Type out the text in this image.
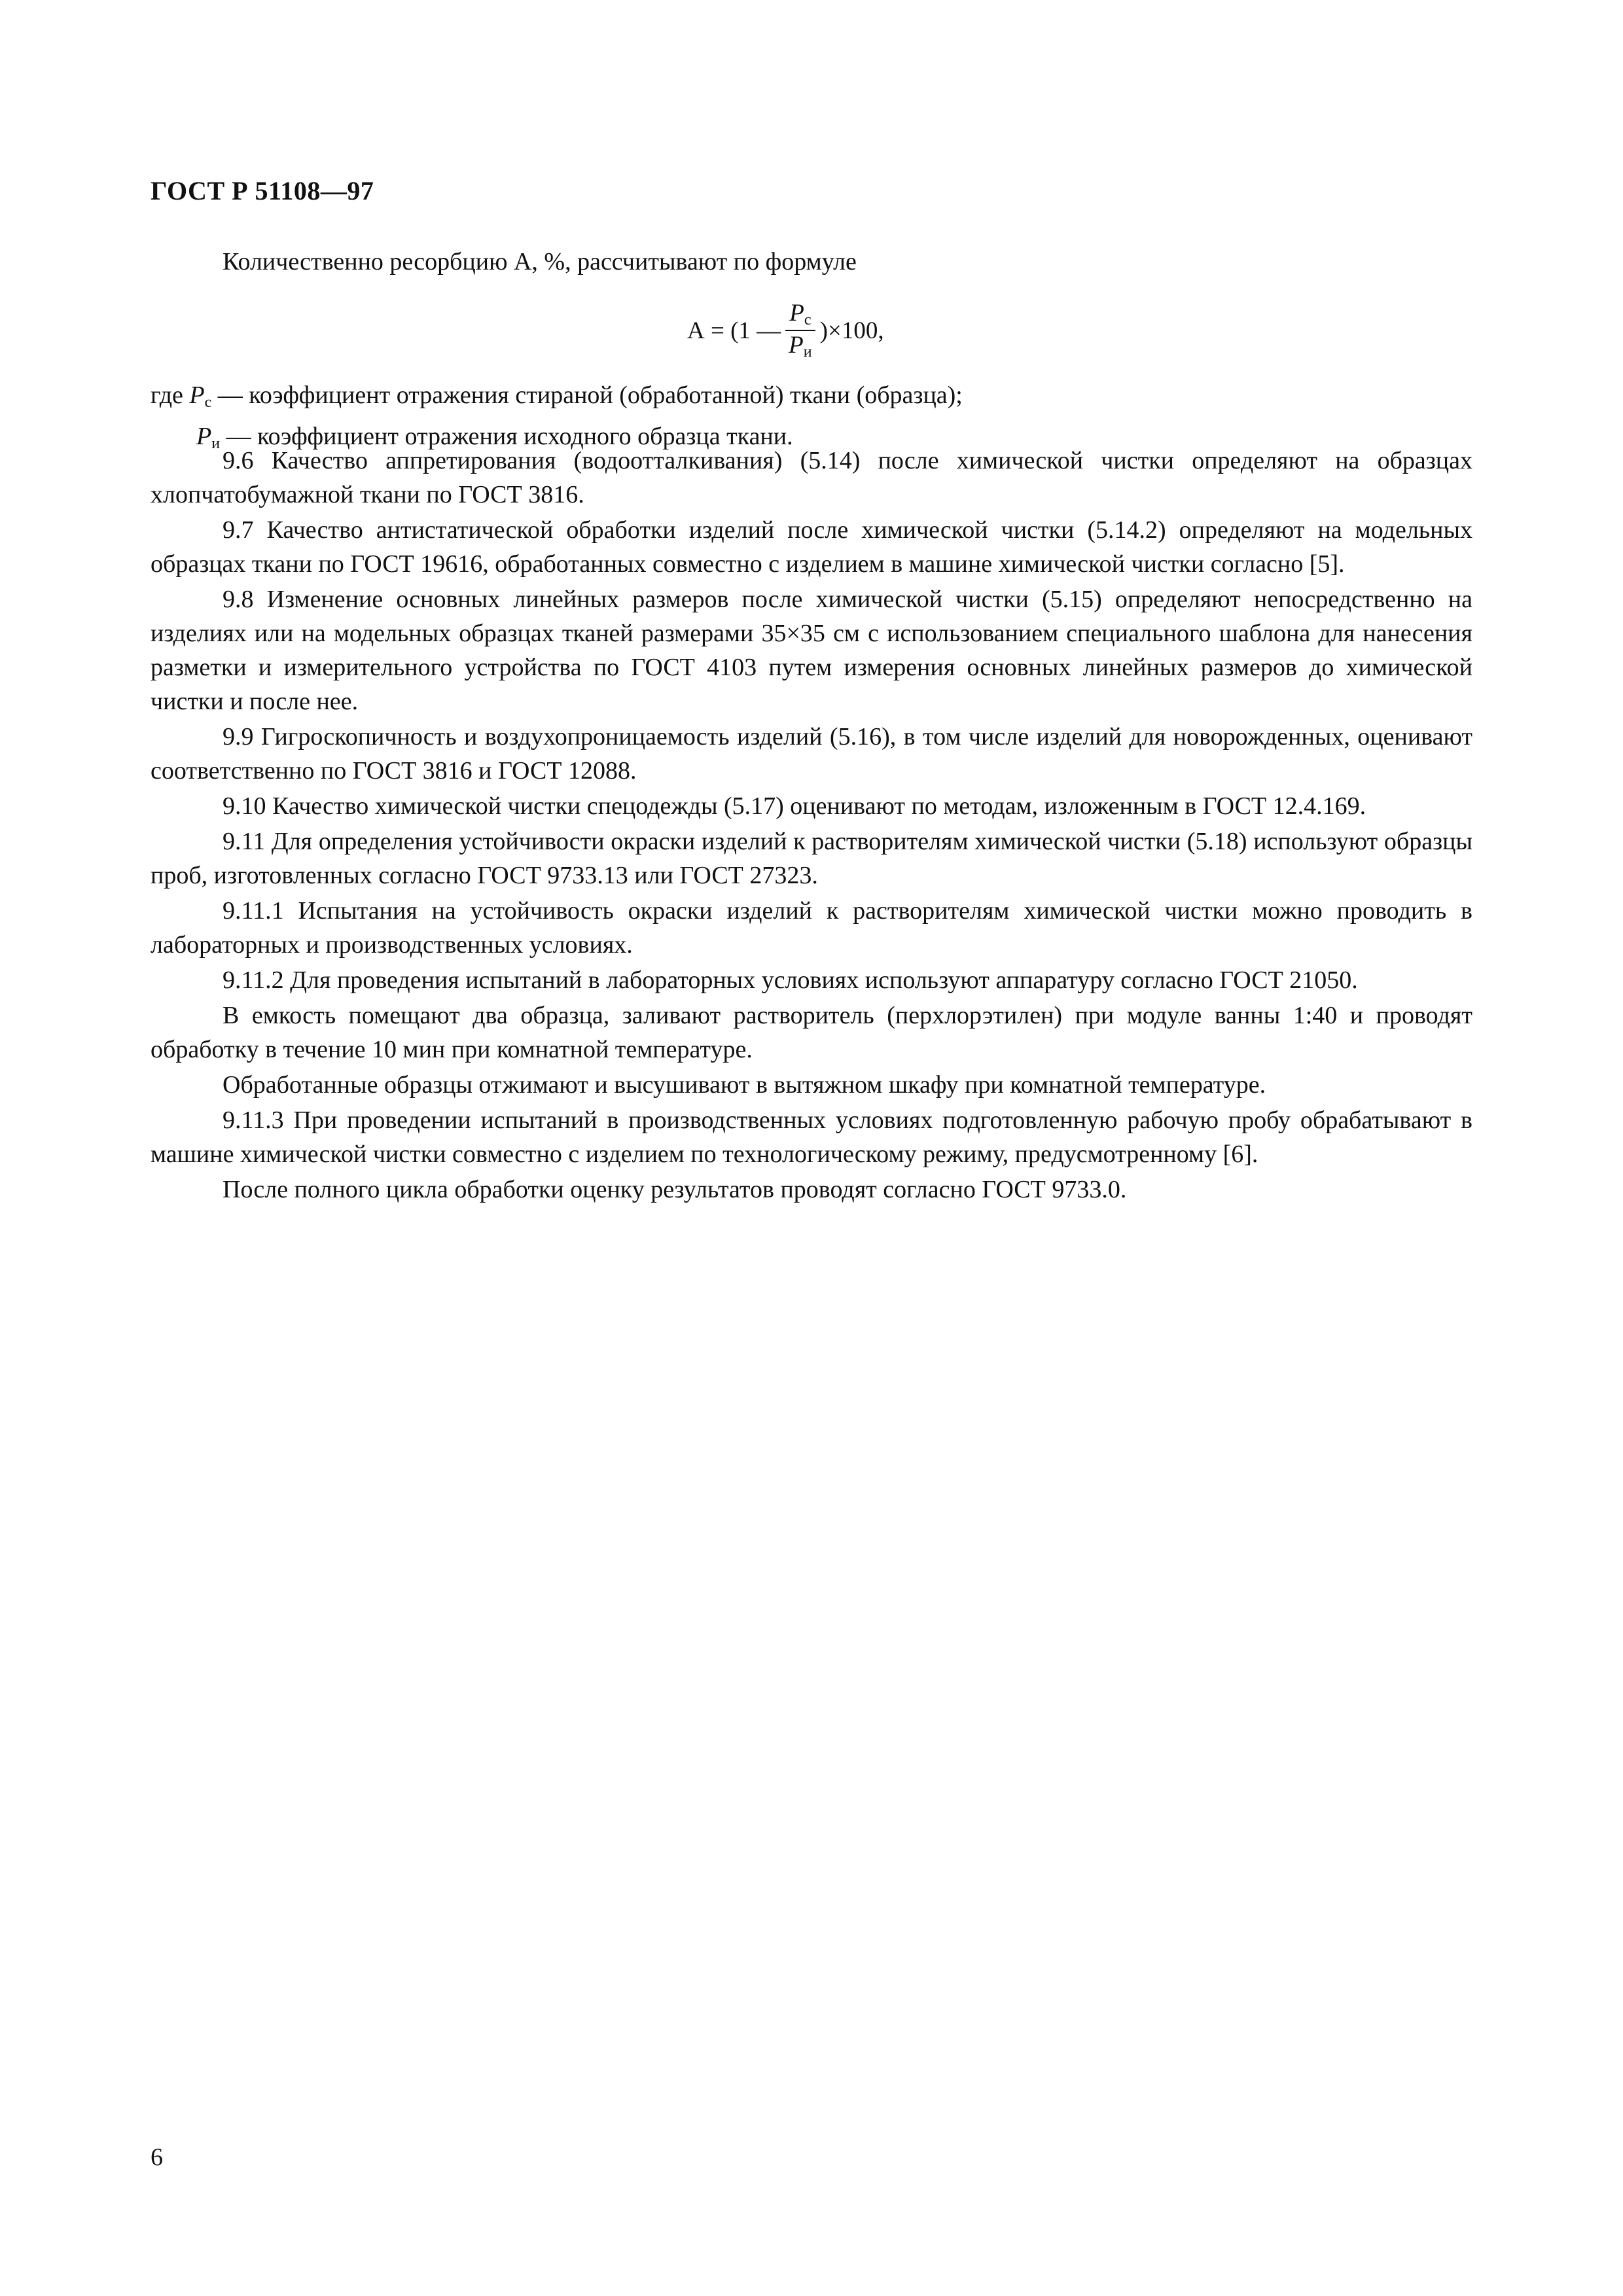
ГОСТ Р 51108—97
Количественно ресорбцию А, %, рассчитывают по формуле
А = (1 — $\frac{Р_с}{Р_и} )\times 100$,
где $Р_с$ — коэффициент отражения стираной (обработанной) ткани (образца);
$Р_и$ — коэффициент отражения исходного образца ткани.

9.6 Качество аппретирования (водоотталкивания) (5.14) после химической чистки определяют на образцах хлопчатобумажной ткани по ГОСТ 3816.

9.7 Качество антистатической обработки изделий после химической чистки (5.14.2) определяют на модельных образцах ткани по ГОСТ 19616, обработанных совместно с изделием в машине химической чистки согласно [5].

9.8 Изменение основных линейных размеров после химической чистки (5.15) определяют непосредственно на изделиях или на модельных образцах тканей размерами 35×35 см с использованием специального шаблона для нанесения разметки и измерительного устройства по ГОСТ 4103 путем измерения основных линейных размеров до химической чистки и после нее.

9.9 Гигроскопичность и воздухопроницаемость изделий (5.16), в том числе изделий для новорожденных, оценивают соответственно по ГОСТ 3816 и ГОСТ 12088.

9.10 Качество химической чистки спецодежды (5.17) оценивают по методам, изложенным в ГОСТ 12.4.169.

9.11 Для определения устойчивости окраски изделий к растворителям химической чистки (5.18) используют образцы проб, изготовленных согласно ГОСТ 9733.13 или ГОСТ 27323.

9.11.1 Испытания на устойчивость окраски изделий к растворителям химической чистки можно проводить в лабораторных и производственных условиях.

9.11.2 Для проведения испытаний в лабораторных условиях используют аппаратуру согласно ГОСТ 21050.

В емкость помещают два образца, заливают растворитель (перхлорэтилен) при модуле ванны 1:40 и проводят обработку в течение 10 мин при комнатной температуре.

Обработанные образцы отжимают и высушивают в вытяжном шкафу при комнатной температуре.

9.11.3 При проведении испытаний в производственных условиях подготовленную рабочую пробу обрабатывают в машине химической чистки совместно с изделием по технологическому режиму, предусмотренному [6].

После полного цикла обработки оценку результатов проводят согласно ГОСТ 9733.0.

6
